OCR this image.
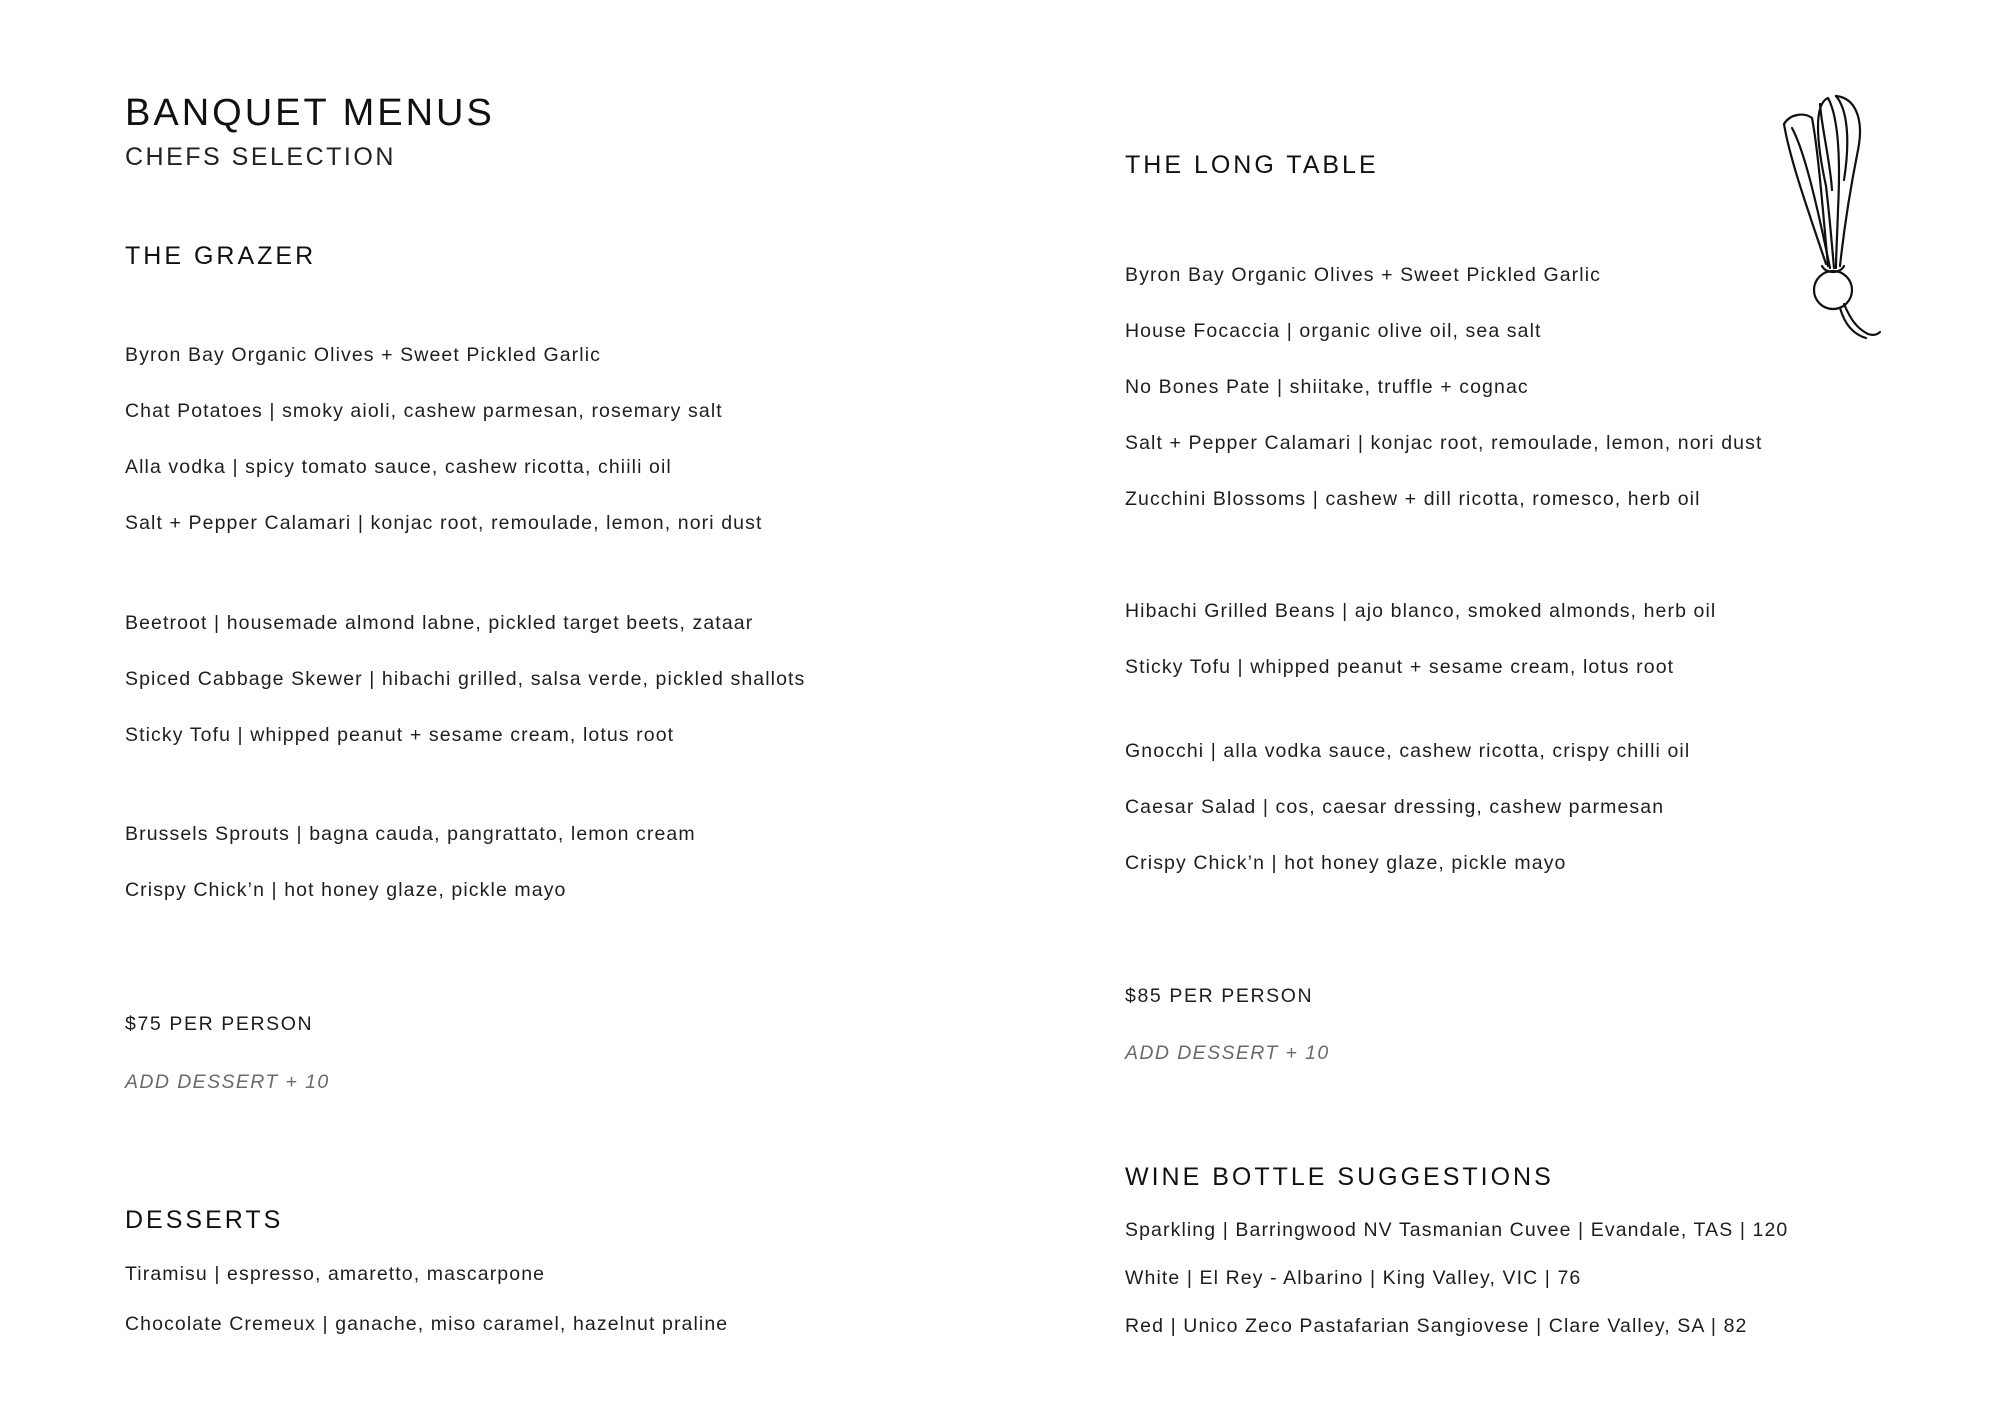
BANQUET MENUS
CHEFS SELECTION
THE GRAZER
Byron Bay Organic Olives + Sweet Pickled Garlic
Chat Potatoes | smoky aioli, cashew parmesan, rosemary salt
Alla vodka | spicy tomato sauce, cashew ricotta, chiili oil
Salt + Pepper Calamari | konjac root, remoulade, lemon, nori dust
Beetroot | housemade almond labne, pickled target beets, zataar
Spiced Cabbage Skewer | hibachi grilled, salsa verde, pickled shallots
Sticky Tofu | whipped peanut + sesame cream, lotus root
Brussels Sprouts | bagna cauda, pangrattato, lemon cream
Crispy Chick’n | hot honey glaze, pickle mayo
$75 PER PERSON
ADD DESSERT + 10
DESSERTS
Tiramisu | espresso, amaretto, mascarpone
Chocolate Cremeux | ganache, miso caramel, hazelnut praline
THE LONG TABLE
Byron Bay Organic Olives + Sweet Pickled Garlic
House Focaccia | organic olive oil, sea salt
No Bones Pate | shiitake, truffle + cognac
Salt + Pepper Calamari | konjac root, remoulade, lemon, nori dust
Zucchini Blossoms | cashew + dill ricotta, romesco, herb oil
Hibachi Grilled Beans | ajo blanco, smoked almonds, herb oil
Sticky Tofu | whipped peanut + sesame cream, lotus root
Gnocchi | alla vodka sauce, cashew ricotta, crispy chilli oil
Caesar Salad | cos, caesar dressing, cashew parmesan
Crispy Chick’n | hot honey glaze, pickle mayo
$85 PER PERSON
ADD DESSERT + 10
WINE BOTTLE SUGGESTIONS
Sparkling | Barringwood NV Tasmanian Cuvee | Evandale, TAS | 120
White | El Rey - Albarino | King Valley, VIC | 76
Red | Unico Zeco Pastafarian Sangiovese | Clare Valley, SA | 82
